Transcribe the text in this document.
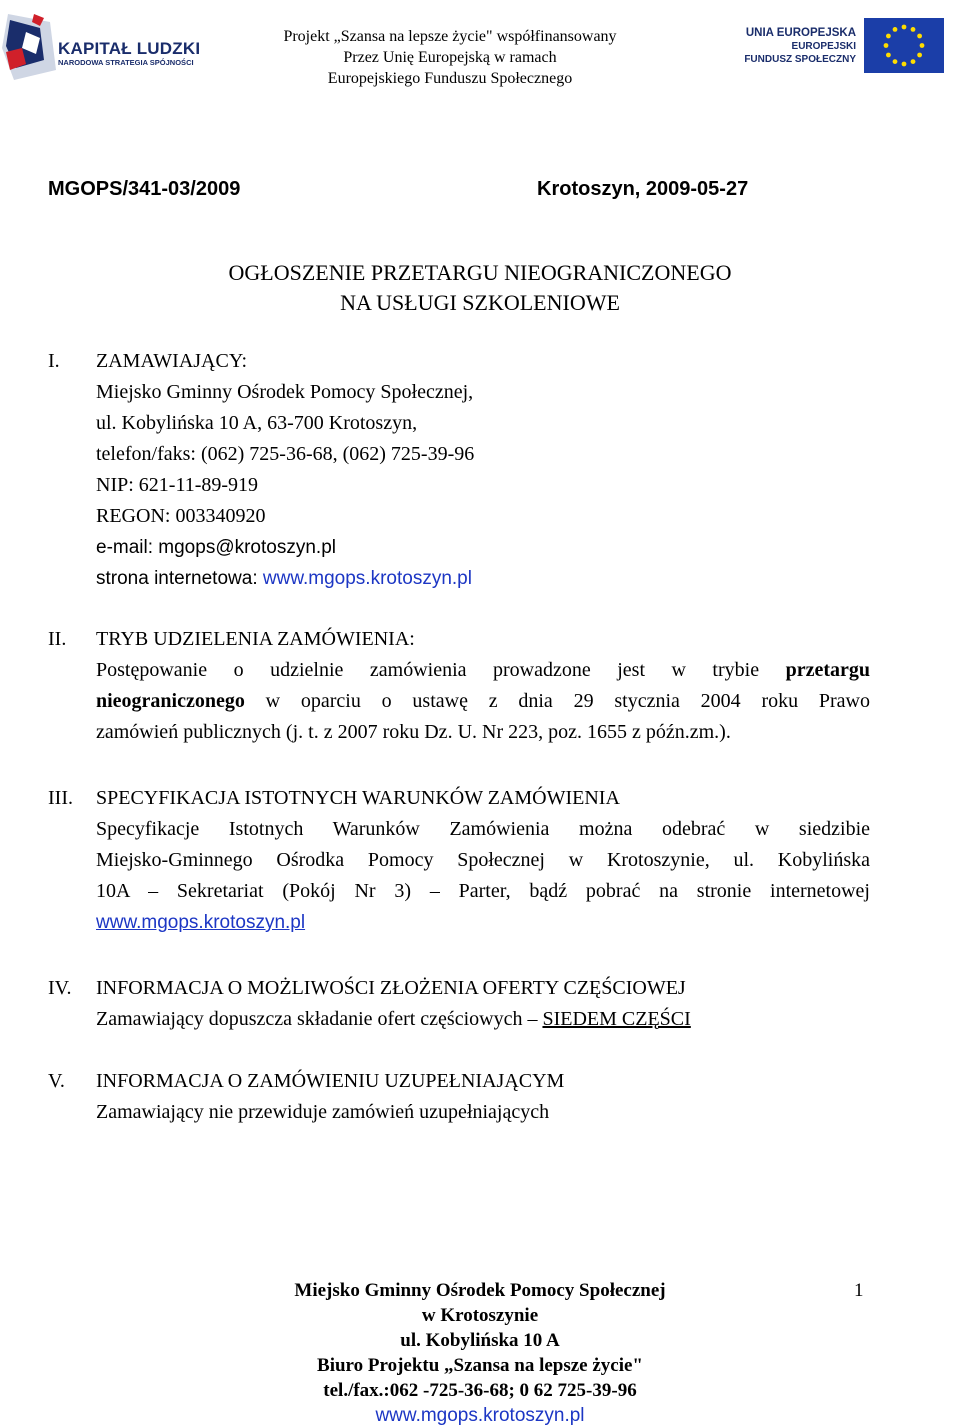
KAPITAŁ LUDZKI
NARODOWA STRATEGIA SPÓJNOŚCI
Projekt „Szansa na lepsze życie" współfinansowany
Przez Unię Europejską w ramach
Europejskiego Funduszu Społecznego
UNIA EUROPEJSKA
EUROPEJSKI
FUNDUSZ SPOŁECZNY
MGOPS/341-03/2009	Krotoszyn, 2009-05-27
OGŁOSZENIE PRZETARGU NIEOGRANICZONEGO
NA USŁUGI SZKOLENIOWE
I. ZAMAWIAJĄCY:
Miejsko Gminny Ośrodek Pomocy Społecznej,
ul. Kobylińska 10 A, 63-700 Krotoszyn,
telefon/faks: (062) 725-36-68, (062) 725-39-96
NIP: 621-11-89-919
REGON: 003340920
e-mail: mgops@krotoszyn.pl
strona internetowa: www.mgops.krotoszyn.pl
II. TRYB UDZIELENIA ZAMÓWIENIA:
Postępowanie o udzielnie zamówienia prowadzone jest w trybie przetargu
nieograniczonego w oparciu o ustawę z dnia 29 stycznia 2004 roku Prawo
zamówień publicznych (j. t. z 2007 roku Dz. U. Nr 223, poz. 1655 z późn.zm.).
III. SPECYFIKACJA ISTOTNYCH WARUNKÓW ZAMÓWIENIA
Specyfikacje Istotnych Warunków Zamówienia można odebrać w siedzibie
Miejsko-Gminnego Ośrodka Pomocy Społecznej w Krotoszynie, ul. Kobylińska
10A – Sekretariat (Pokój Nr 3) – Parter, bądź pobrać na stronie internetowej
www.mgops.krotoszyn.pl
IV. INFORMACJA O MOŻLIWOŚCI ZŁOŻENIA OFERTY CZĘŚCIOWEJ
Zamawiający dopuszcza składanie ofert częściowych – SIEDEM CZĘŚCI
V. INFORMACJA O ZAMÓWIENIU UZUPEŁNIAJĄCYM
Zamawiający nie przewiduje zamówień uzupełniających
Miejsko Gminny Ośrodek Pomocy Społecznej
w Krotoszynie
ul. Kobylińska 10 A
Biuro Projektu „Szansa na lepsze życie"
tel./fax.:062 -725-36-68; 0 62 725-39-96
www.mgops.krotoszyn.pl
1
